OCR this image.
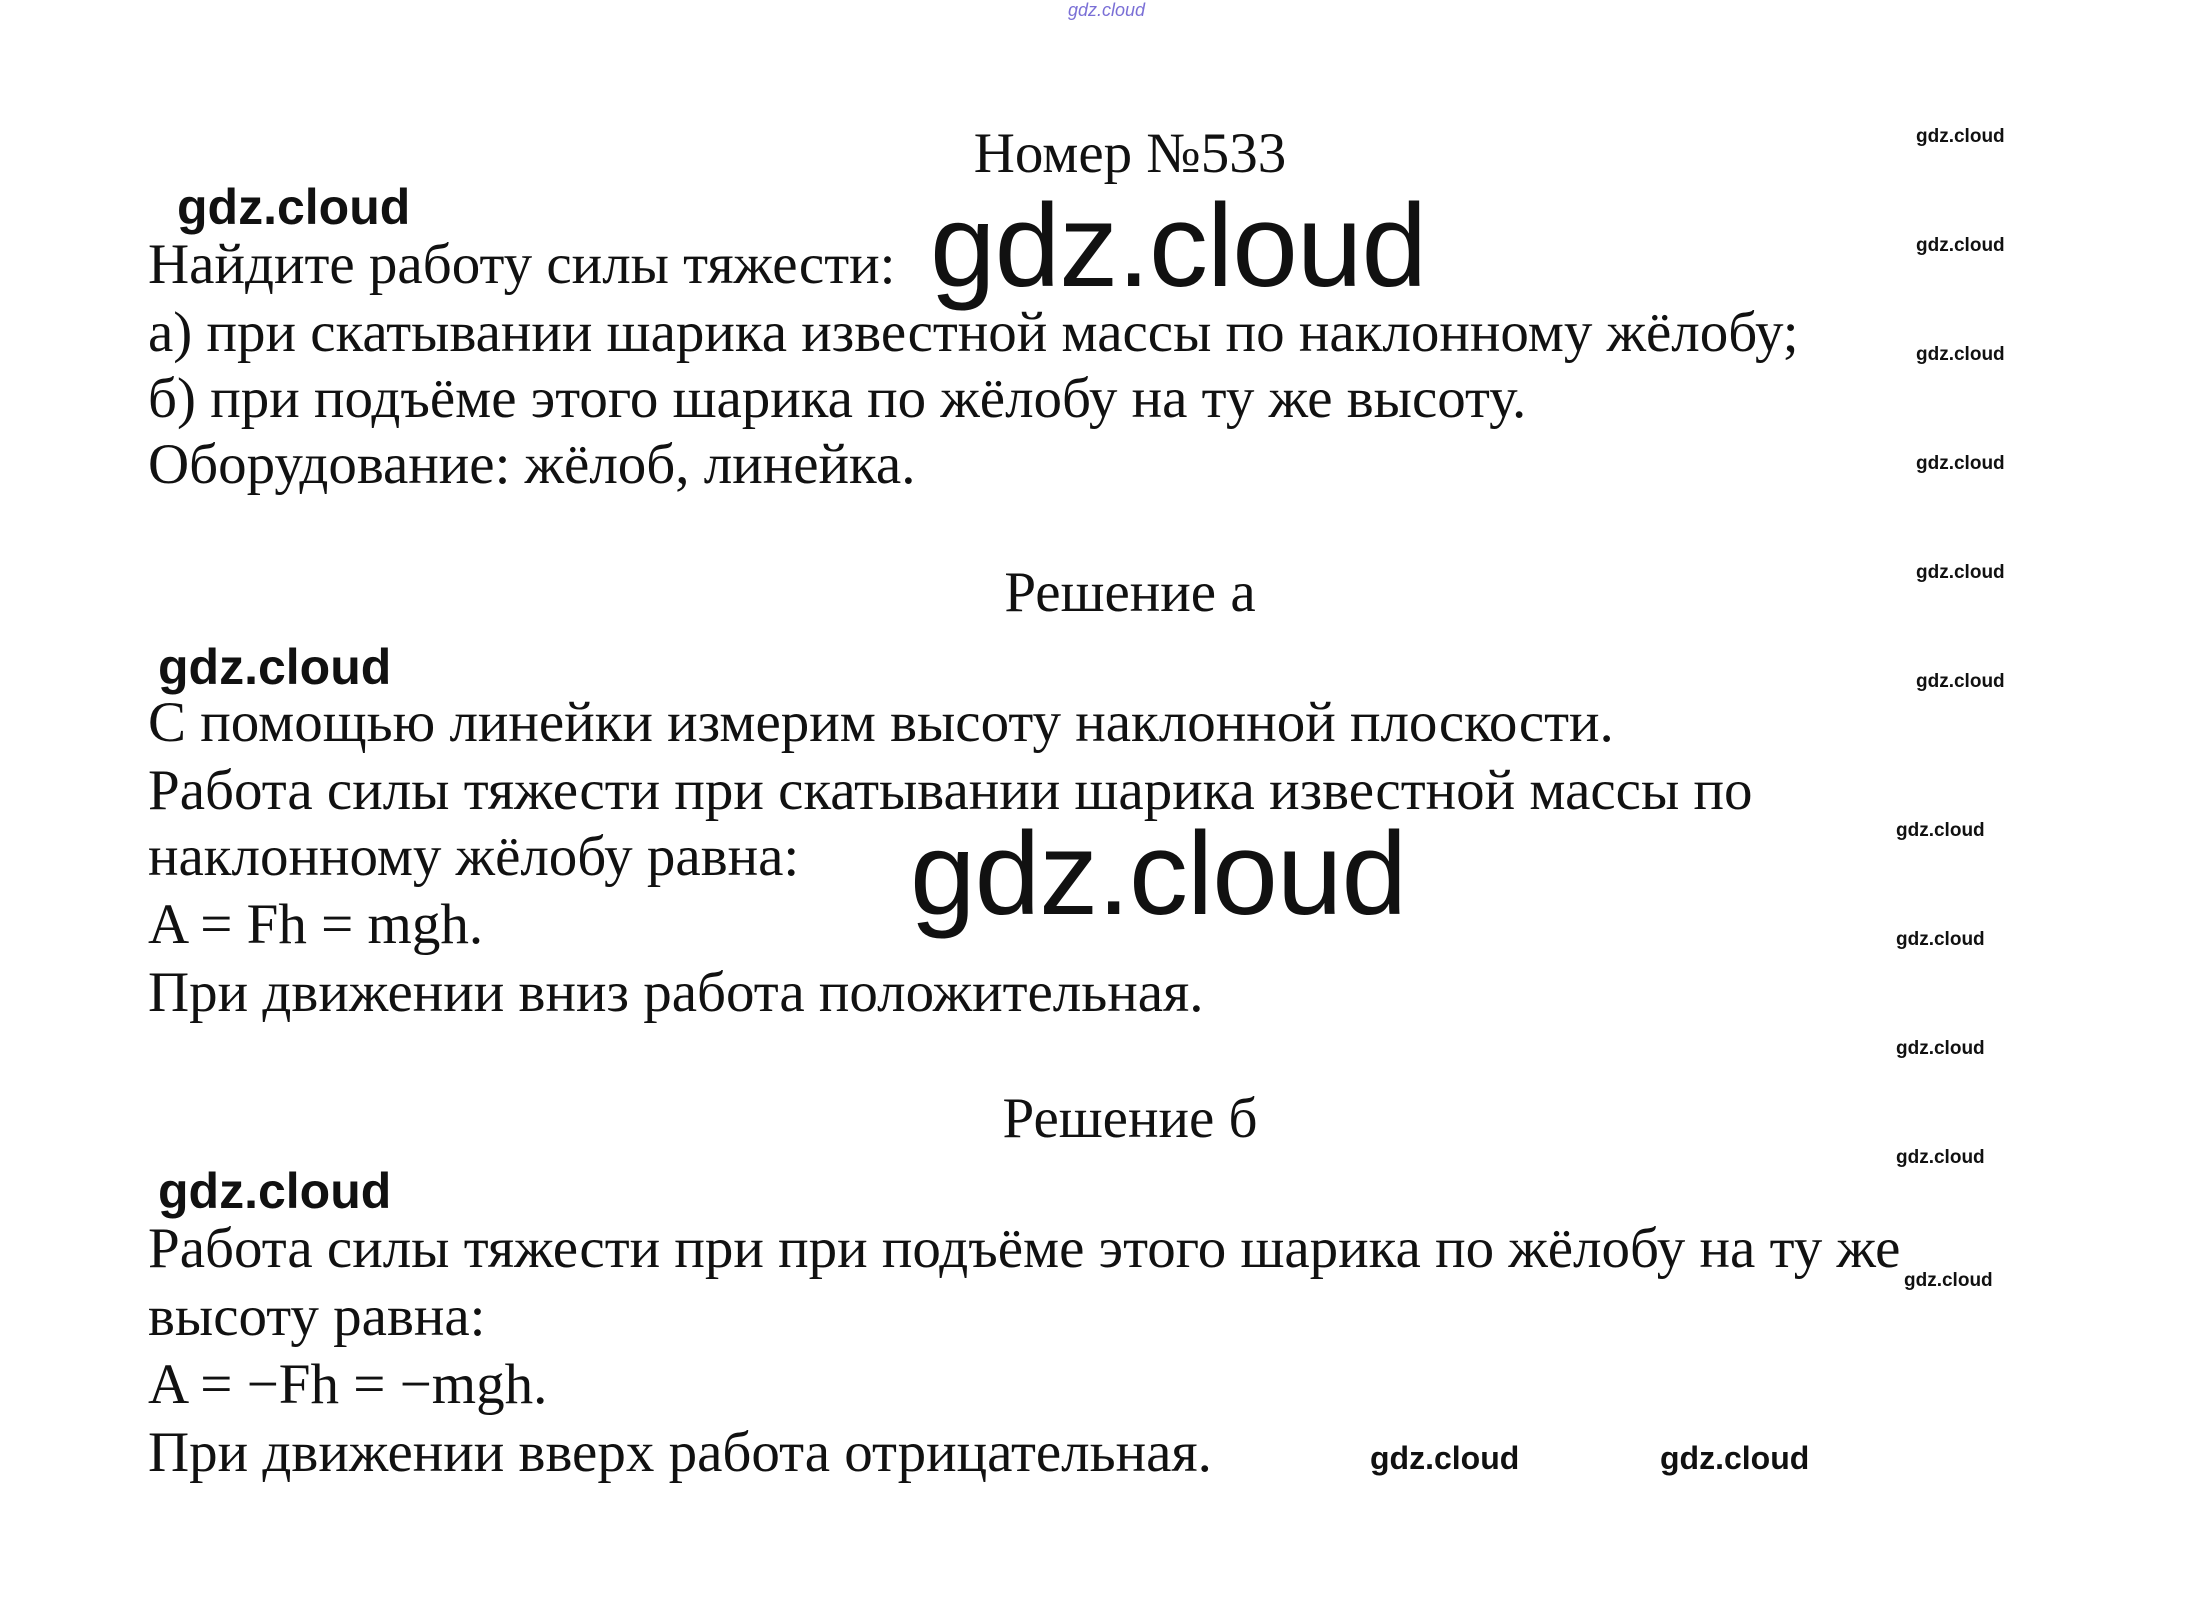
gdz.cloud
Номер №533
gdz.cloud
Найдите работу силы тяжести: gdz.cloud
а) при скатывании шарика известной массы по наклонному жёлобу;
б) при подъёме этого шарика по жёлобу на ту же высоту.
Оборудование: жёлоб, линейка.
Решение а
gdz.cloud
С помощью линейки измерим высоту наклонной плоскости.
Работа силы тяжести при скатывании шарика известной массы по
наклонному жёлобу равна: gdz.cloud
A = Fh = mgh.
При движении вниз работа положительная.
Решение б
gdz.cloud
Работа силы тяжести при при подъёме этого шарика по жёлобу на ту же
высоту равна:
A = −Fh = −mgh.
При движении вверх работа отрицательная.	gdz.cloud	gdz.cloud
gdz.cloud
gdz.cloud
gdz.cloud
gdz.cloud
gdz.cloud
gdz.cloud
gdz.cloud
gdz.cloud
gdz.cloud
gdz.cloud
gdz.cloud
